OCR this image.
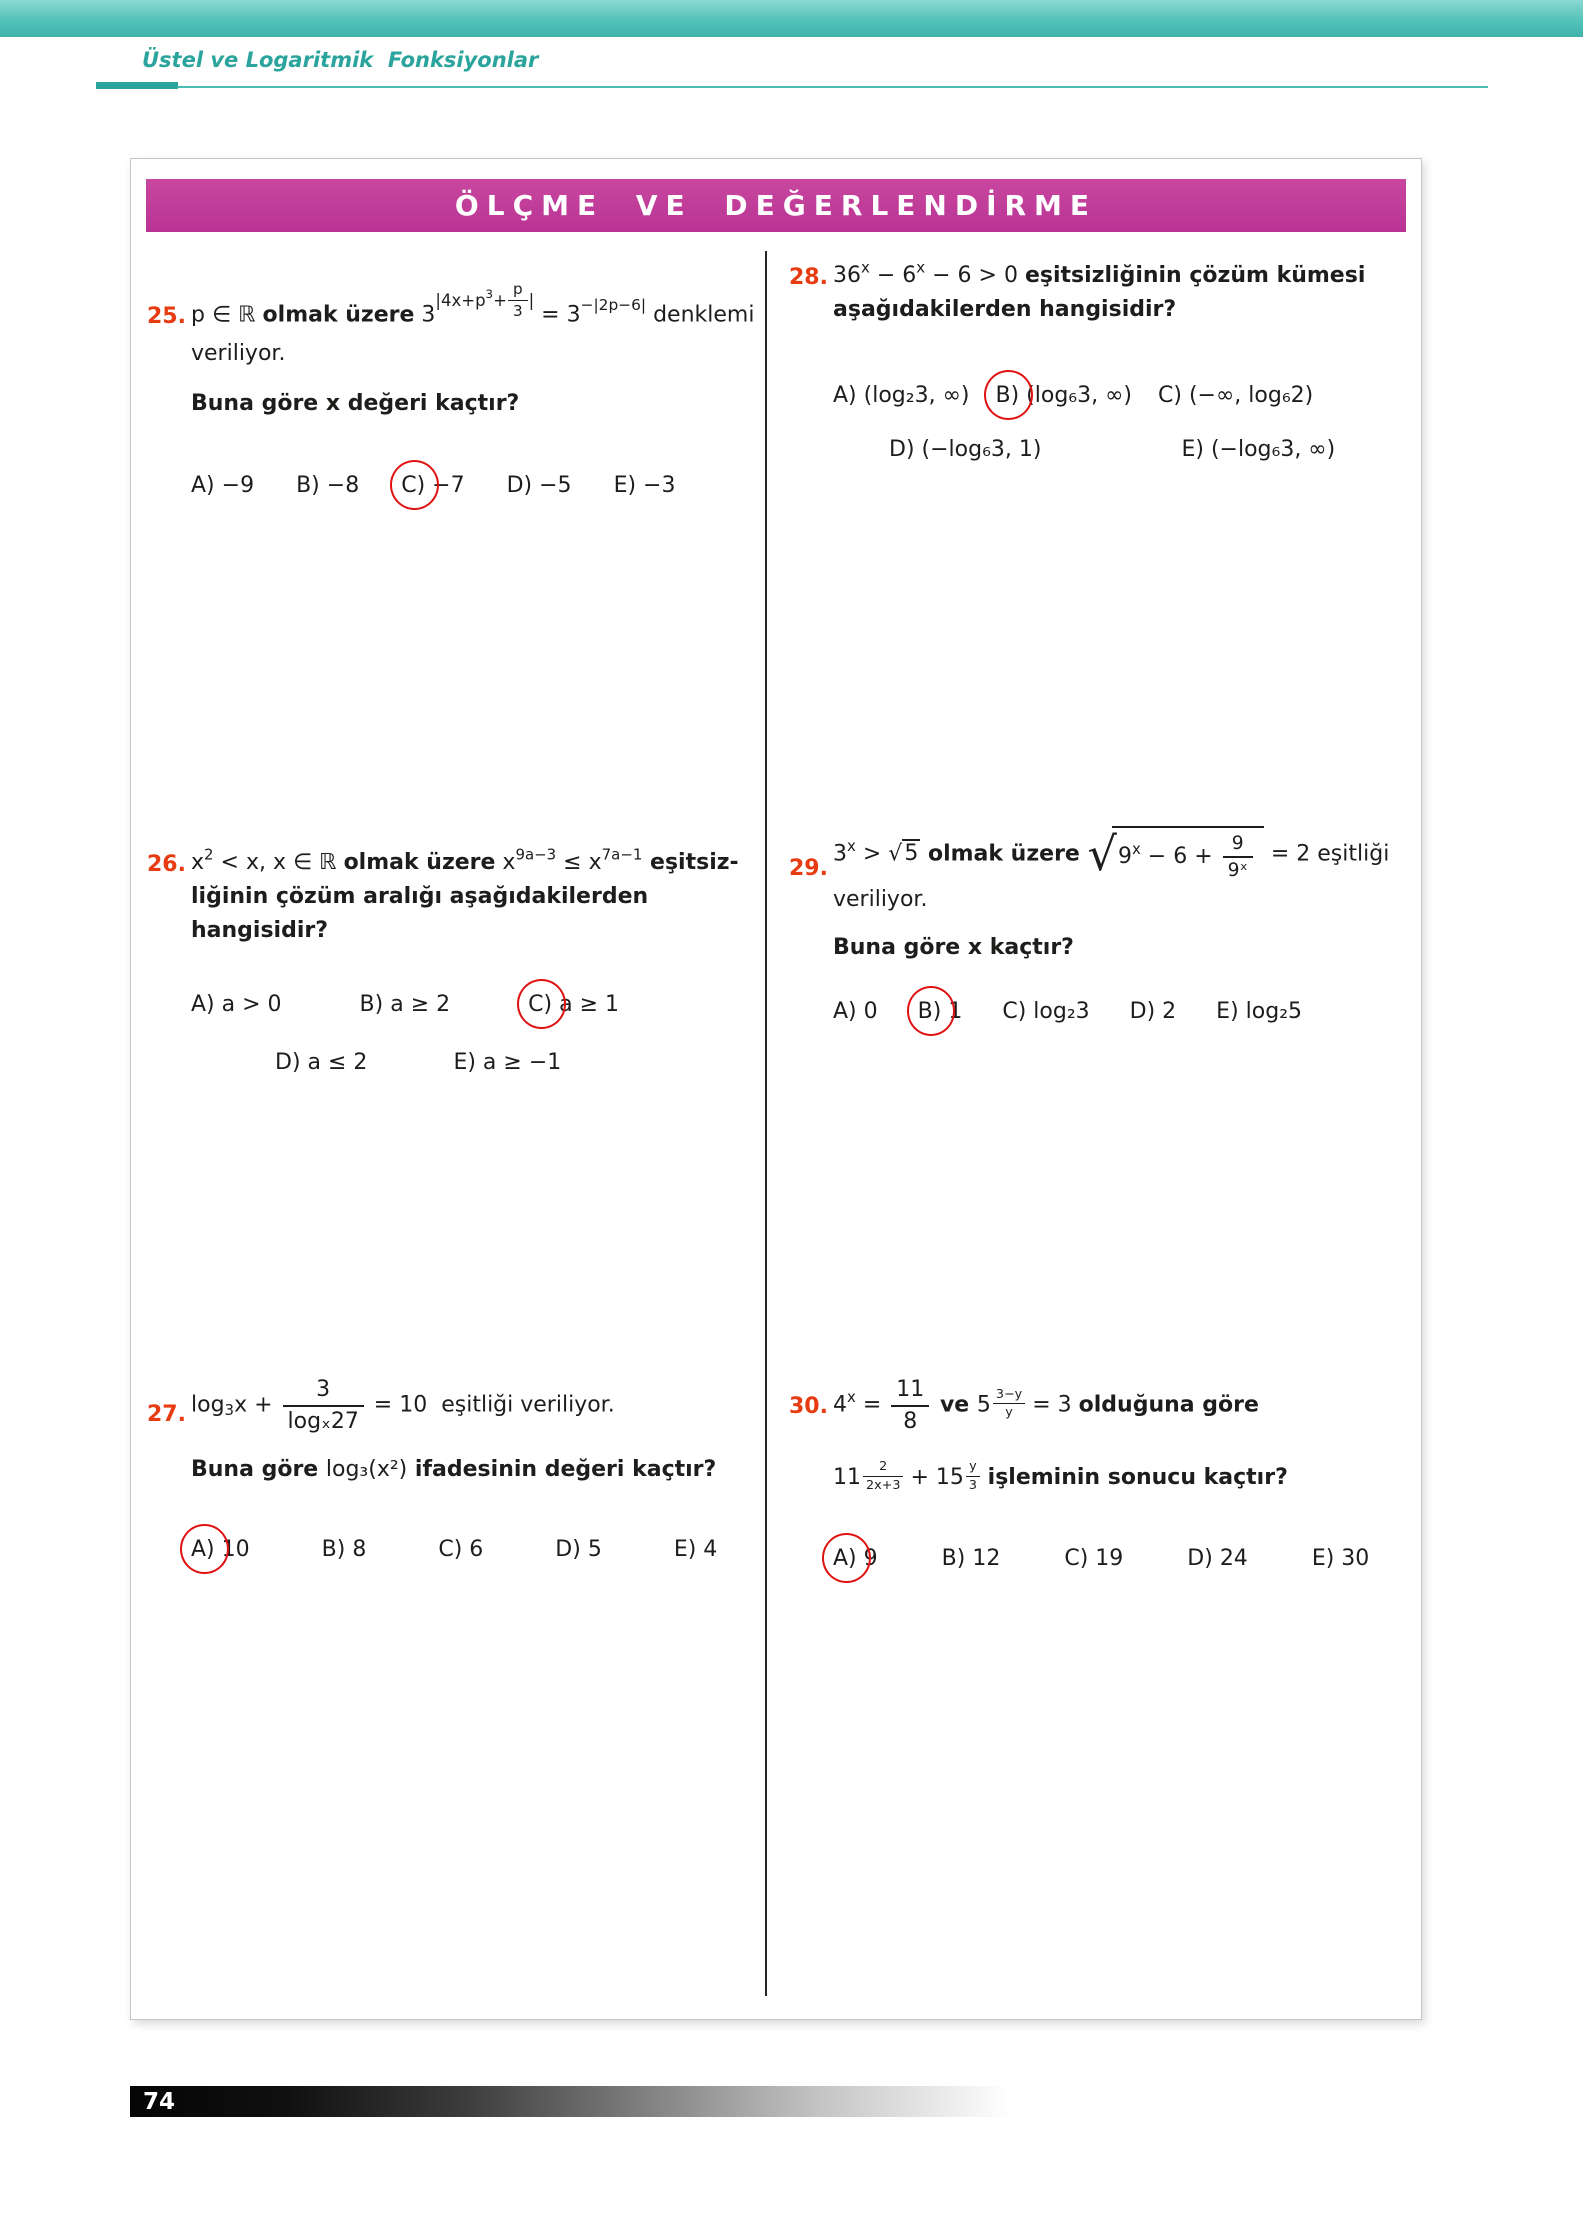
Üstel ve Logaritmik  Fonksiyonlar
ÖLÇME VE DEĞERLENDİRME
25. p ∈ ℝ olmak üzere 3
|4x+p $3 + \frac{p}{3}$ |
= $3^{-|2p-6|}$ denklemi
veriliyor.
Buna göre x değeri kaçtır?
A) −9 B) −8 C) −7 D) −5 E) −3
26. $x^2 < x$, x ∈ ℝ olmak üzere $x^{9a-3} \le x^{7a-1}$ eşitsiz-
liğinin çözüm aralığı aşağıdakilerden hangisidir?
A) a > 0	B) a ≥ 2	C) a ≥ 1
D) a ≤ 2	E) a ≥ −1
27. $\log_3x + \frac{3}{\text{logₓ27}} = 10$  eşitliği veriliyor.
Buna göre log₃(x²) ifadesinin değeri kaçtır?
A) 10	B) 8	C) 6	D) 5	E) 4
28. $36^x - 6^x - 6 > 0$ eşitsizliğinin çözüm kümesi
aşağıdakilerden hangisidir?
A) (log₂3, ∞) B) (log₆3, ∞) C) (−∞, log₆2)
D) (−log₆3, 1)	E) (−log₆3, ∞)
29.
$3^x > √5$ olmak üzere √ 9 $x - 6 + \frac{9}{\text{9ˣ}} = 2$ eşitliği
veriliyor.
Buna göre x kaçtır?
A) 0 B) 1 C) log₂3 D) 2 E) log₂5
30. $4^x = \frac{11}{8}$ ve $5 \frac{3-y}{y} = 3$ olduğuna göre
$11 \frac{2}{2x+3} + 15 \frac{y}{3}$ işleminin sonucu kaçtır?
A) 9	B) 12	C) 19	D) 24	E) 30
74
